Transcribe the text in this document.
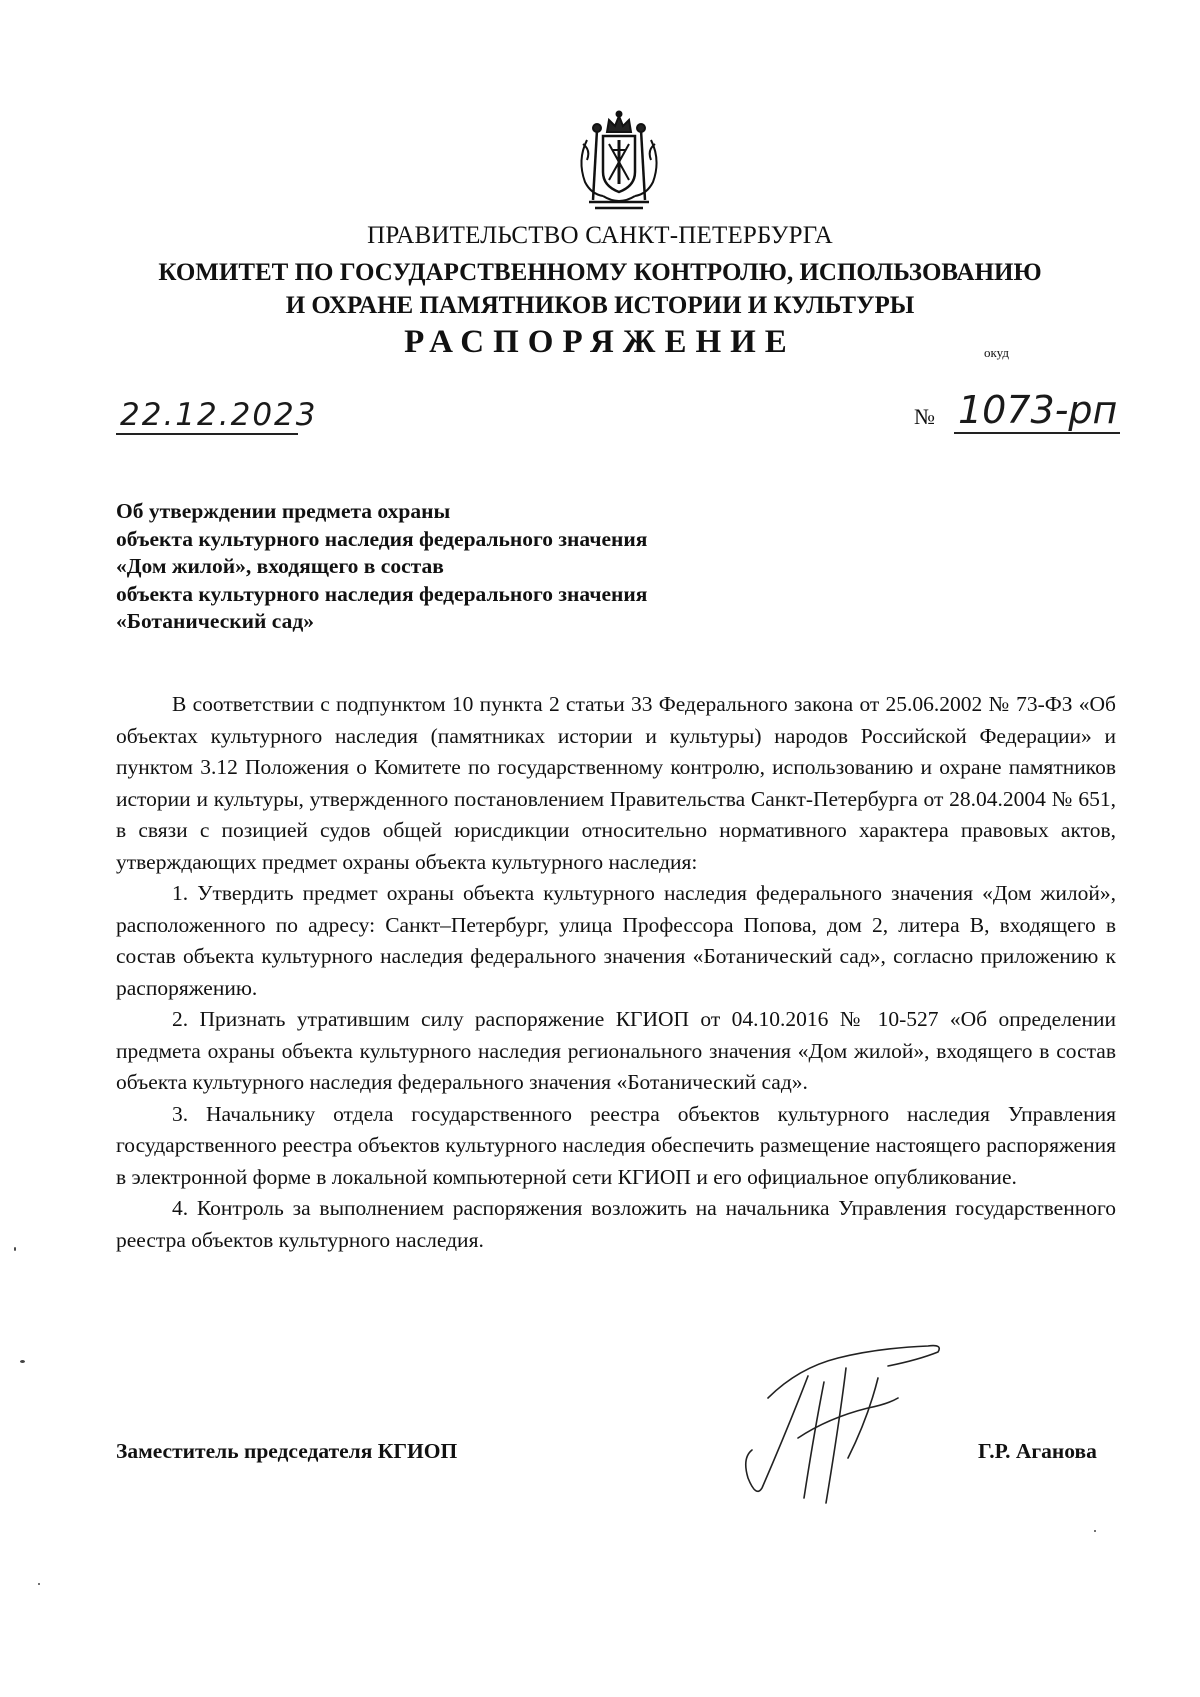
ПРАВИТЕЛЬСТВО САНКТ-ПЕТЕРБУРГА
КОМИТЕТ ПО ГОСУДАРСТВЕННОМУ КОНТРОЛЮ, ИСПОЛЬЗОВАНИЮ
И ОХРАНЕ ПАМЯТНИКОВ ИСТОРИИ И КУЛЬТУРЫ
РАСПОРЯЖЕНИЕ	окуд
22.12.2023	№ 1073-рп
Об утверждении предмета охраны
объекта культурного наследия федерального значения
«Дом жилой», входящего в состав
объекта культурного наследия федерального значения
«Ботанический сад»

В соответствии с подпунктом 10 пункта 2 статьи 33 Федерального закона от 25.06.2002 № 73-ФЗ «Об объектах культурного наследия (памятниках истории и культуры) народов Российской Федерации» и пунктом 3.12 Положения о Комитете по государственному контролю, использованию и охране памятников истории и культуры, утвержденного постановлением Правительства Санкт-Петербурга от 28.04.2004 № 651, в связи с позицией судов общей юрисдикции относительно нормативного характера правовых актов, утверждающих предмет охраны объекта культурного наследия:

1. Утвердить предмет охраны объекта культурного наследия федерального значения «Дом жилой», расположенного по адресу: Санкт–Петербург, улица Профессора Попова, дом 2, литера В, входящего в состав объекта культурного наследия федерального значения «Ботанический сад», согласно приложению к распоряжению.

2. Признать утратившим силу распоряжение КГИОП от 04.10.2016 № 10-527 «Об определении предмета охраны объекта культурного наследия регионального значения «Дом жилой», входящего в состав объекта культурного наследия федерального значения «Ботанический сад».

3. Начальнику отдела государственного реестра объектов культурного наследия Управления государственного реестра объектов культурного наследия обеспечить размещение настоящего распоряжения в электронной форме в локальной компьютерной сети КГИОП и его официальное опубликование.

4. Контроль за выполнением распоряжения возложить на начальника Управления государственного реестра объектов культурного наследия.

Заместитель председателя КГИОП	Г.Р. Аганова
